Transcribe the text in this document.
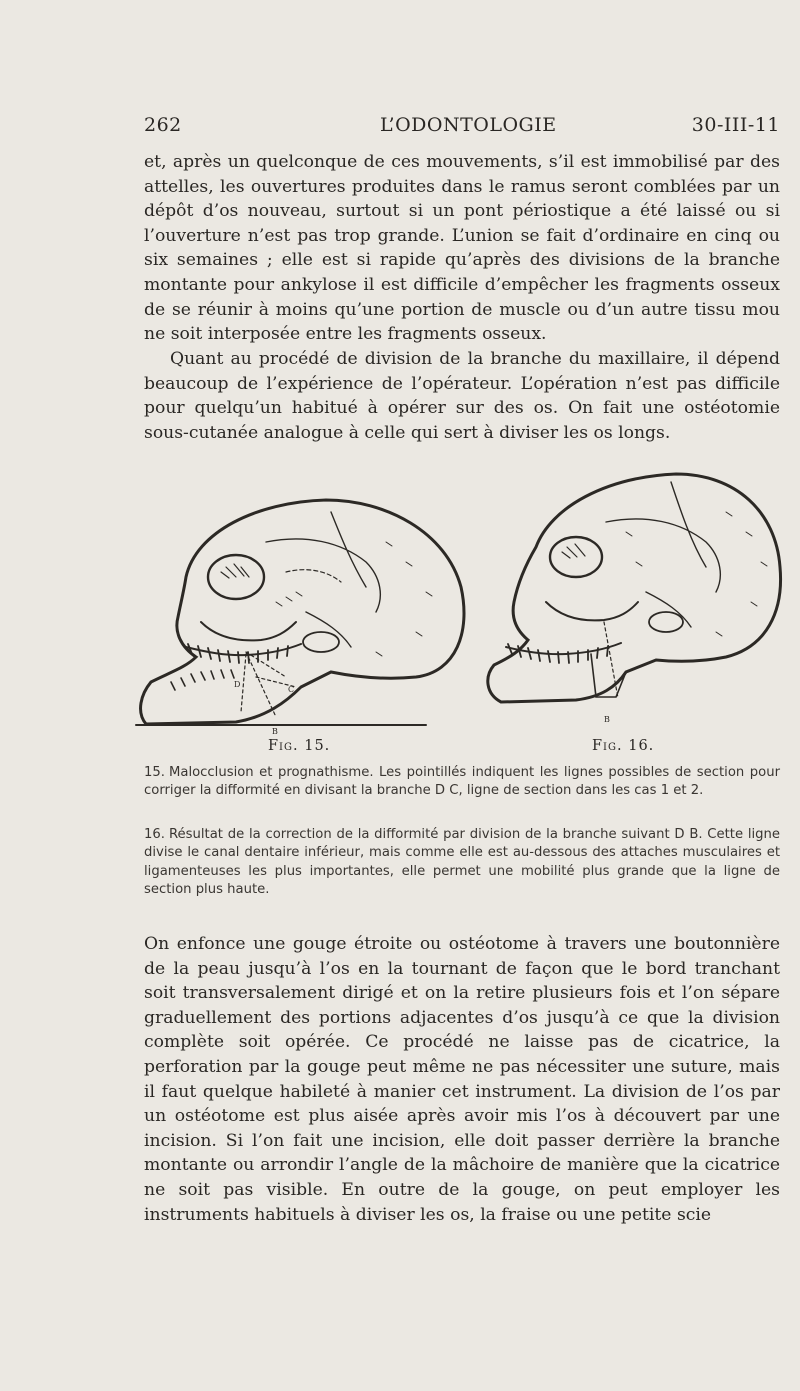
262	L’ODONTOLOGIE	30-III-11

et, après un quelconque de ces mouvements, s’il est immobilisé par des attelles, les ouvertures produites dans le ramus seront comblées par un dépôt d’os nouveau, surtout si un pont périostique a été laissé ou si l’ouverture n’est pas trop grande. L’union se fait d’ordinaire en cinq ou six semaines ; elle est si rapide qu’après des divisions de la branche montante pour ankylose il est difficile d’empêcher les fragments osseux de se réunir à moins qu’une portion de muscle ou d’un autre tissu mou ne soit interposée entre les fragments osseux.

Quant au procédé de division de la branche du maxillaire, il dépend beaucoup de l’expérience de l’opérateur. L’opération n’est pas difficile pour quelqu’un habitué à opérer sur des os. On fait une ostéotomie sous-cutanée analogue à celle qui sert à diviser les os longs.

D
C
B
B
Fig. 15.	Fig. 16.

15. Malocclusion et prognathisme. Les pointillés indiquent les lignes possibles de section pour corriger la difformité en divisant la branche D C, ligne de section dans les cas 1 et 2.

16. Résultat de la correction de la difformité par division de la branche suivant D B. Cette ligne divise le canal dentaire inférieur, mais comme elle est au-dessous des attaches musculaires et ligamenteuses les plus importantes, elle permet une mobilité plus grande que la ligne de section plus haute.

On enfonce une gouge étroite ou ostéotome à travers une boutonnière de la peau jusqu’à l’os en la tournant de façon que le bord tranchant soit transversalement dirigé et on la retire plusieurs fois et l’on sépare graduellement des portions adjacentes d’os jusqu’à ce que la division complète soit opérée. Ce procédé ne laisse pas de cicatrice, la perforation par la gouge peut même ne pas nécessiter une suture, mais il faut quelque habileté à manier cet instrument. La division de l’os par un ostéotome est plus aisée après avoir mis l’os à découvert par une incision. Si l’on fait une incision, elle doit passer derrière la branche montante ou arrondir l’angle de la mâchoire de manière que la cicatrice ne soit pas visible. En outre de la gouge, on peut employer les instruments habituels à diviser les os, la fraise ou une petite scie
